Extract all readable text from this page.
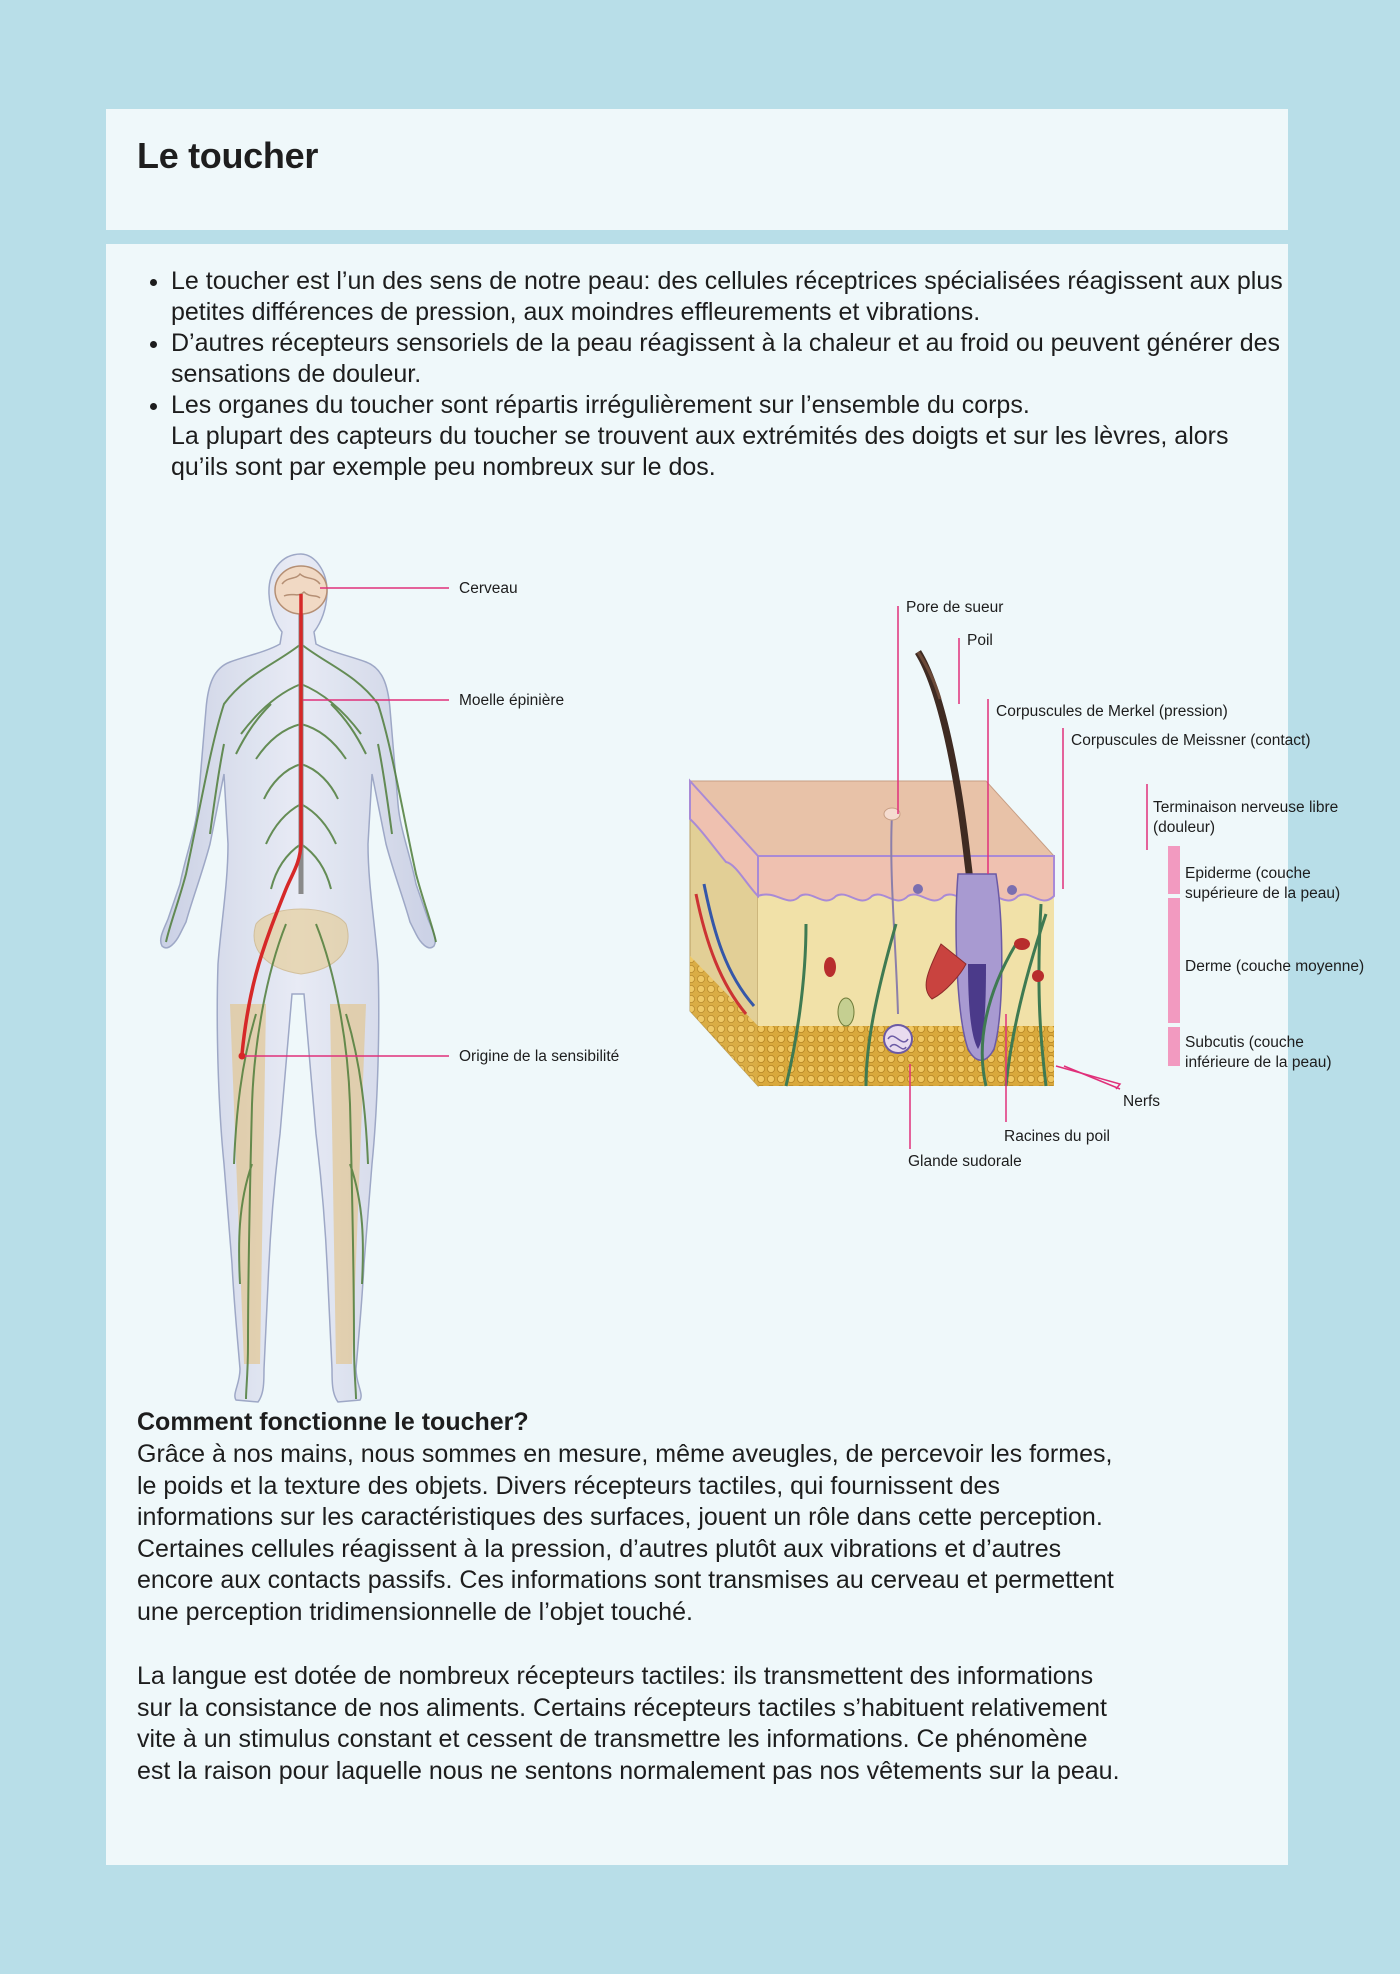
Le toucher
• Le toucher est l’un des sens de notre peau: des cellules réceptrices spécialisées réagissent aux plus petites différences de pression, aux moindres effleurements et vibrations.
• D’autres récepteurs sensoriels de la peau réagissent à la chaleur et au froid ou peuvent générer des sensations de douleur.
• Les organes du toucher sont répartis irrégulièrement sur l’ensemble du corps.
La plupart des capteurs du toucher se trouvent aux extrémités des doigts et sur les lèvres, alors qu’ils sont par exemple peu nombreux sur le dos.
Cerveau
Moelle épinière
Origine de la sensibilité
Pore de sueur
Poil
Corpuscules de Merkel (pression)
Corpuscules de Meissner (contact)
Terminaison nerveuse libre
(douleur)
Epiderme (couche
supérieure de la peau)
Derme (couche moyenne)
Subcutis (couche
inférieure de la peau)
Nerfs
Racines du poil
Glande sudorale
Comment fonctionne le toucher?
Grâce à nos mains, nous sommes en mesure, même aveugles, de percevoir les formes,
le poids et la texture des objets. Divers récepteurs tactiles, qui fournissent des
informations sur les caractéristiques des surfaces, jouent un rôle dans cette perception.
Certaines cellules réagissent à la pression, d’autres plutôt aux vibrations et d’autres
encore aux contacts passifs. Ces informations sont transmises au cerveau et permettent
une perception tridimensionnelle de l’objet touché.
La langue est dotée de nombreux récepteurs tactiles: ils transmettent des informations
sur la consistance de nos aliments. Certains récepteurs tactiles s’habituent relativement
vite à un stimulus constant et cessent de transmettre les informations. Ce phénomène
est la raison pour laquelle nous ne sentons normalement pas nos vêtements sur la peau.
